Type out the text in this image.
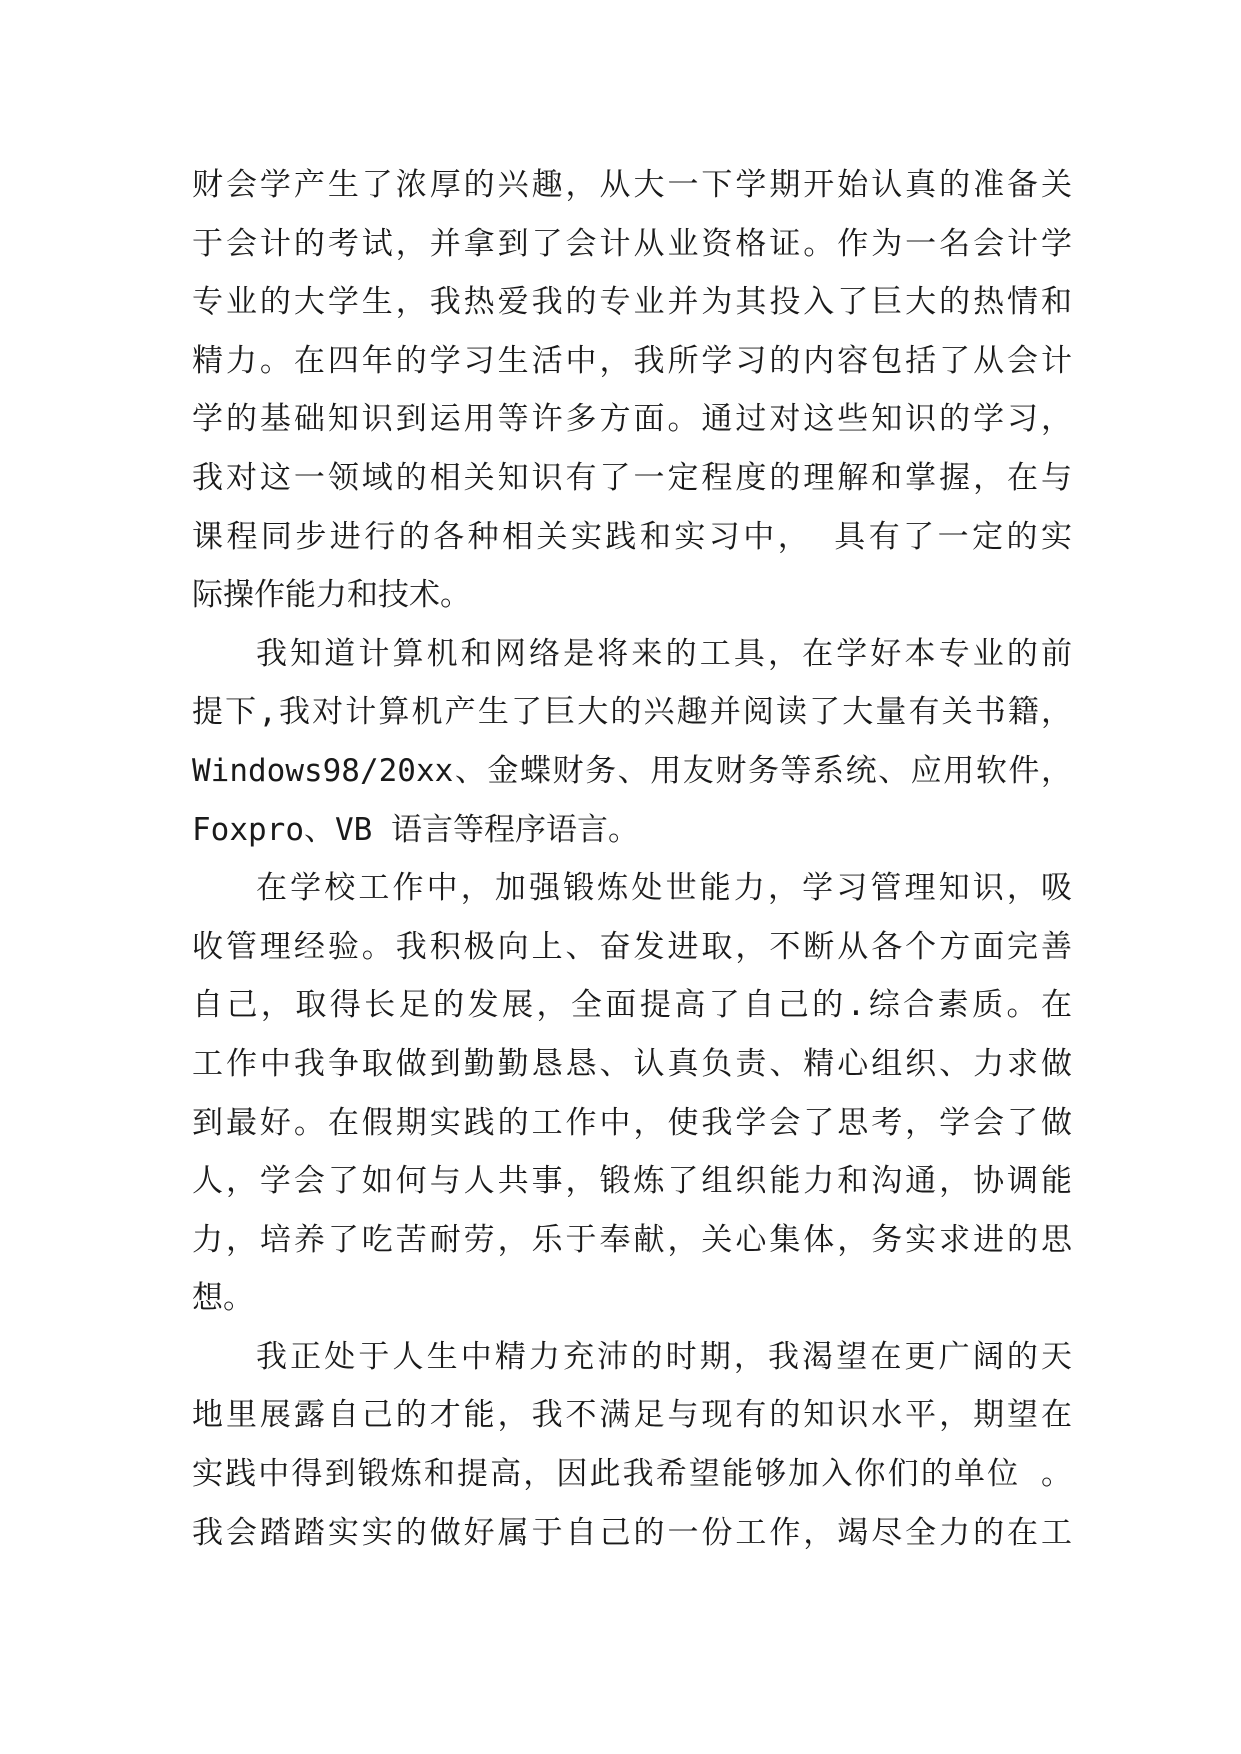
财会学产生了浓厚的兴趣，从大一下学期开始认真的准备关
于会计的考试，并拿到了会计从业资格证。作为一名会计学
专业的大学生，我热爱我的专业并为其投入了巨大的热情和
精力。在四年的学习生活中，我所学习的内容包括了从会计
学的基础知识到运用等许多方面。通过对这些知识的学习，
我对这一领域的相关知识有了一定程度的理解和掌握，在与
课程同步进行的各种相关实践和实习中， 具有了一定的实
际操作能力和技术。
我知道计算机和网络是将来的工具，在学好本专业的前
提下,我对计算机产生了巨大的兴趣并阅读了大量有关书籍，
Windows98/20xx、金蝶财务、用友财务等系统、应用软件，
Foxpro、VB 语言等程序语言。
在学校工作中，加强锻炼处世能力，学习管理知识，吸
收管理经验。我积极向上、奋发进取，不断从各个方面完善
自己，取得长足的发展，全面提高了自己的.综合素质。在
工作中我争取做到勤勤恳恳、认真负责、精心组织、力求做
到最好。在假期实践的工作中，使我学会了思考，学会了做
人，学会了如何与人共事，锻炼了组织能力和沟通，协调能
力，培养了吃苦耐劳，乐于奉献，关心集体，务实求进的思
想。
我正处于人生中精力充沛的时期，我渴望在更广阔的天
地里展露自己的才能，我不满足与现有的知识水平，期望在
实践中得到锻炼和提高，因此我希望能够加入你们的单位 。
我会踏踏实实的做好属于自己的一份工作，竭尽全力的在工
